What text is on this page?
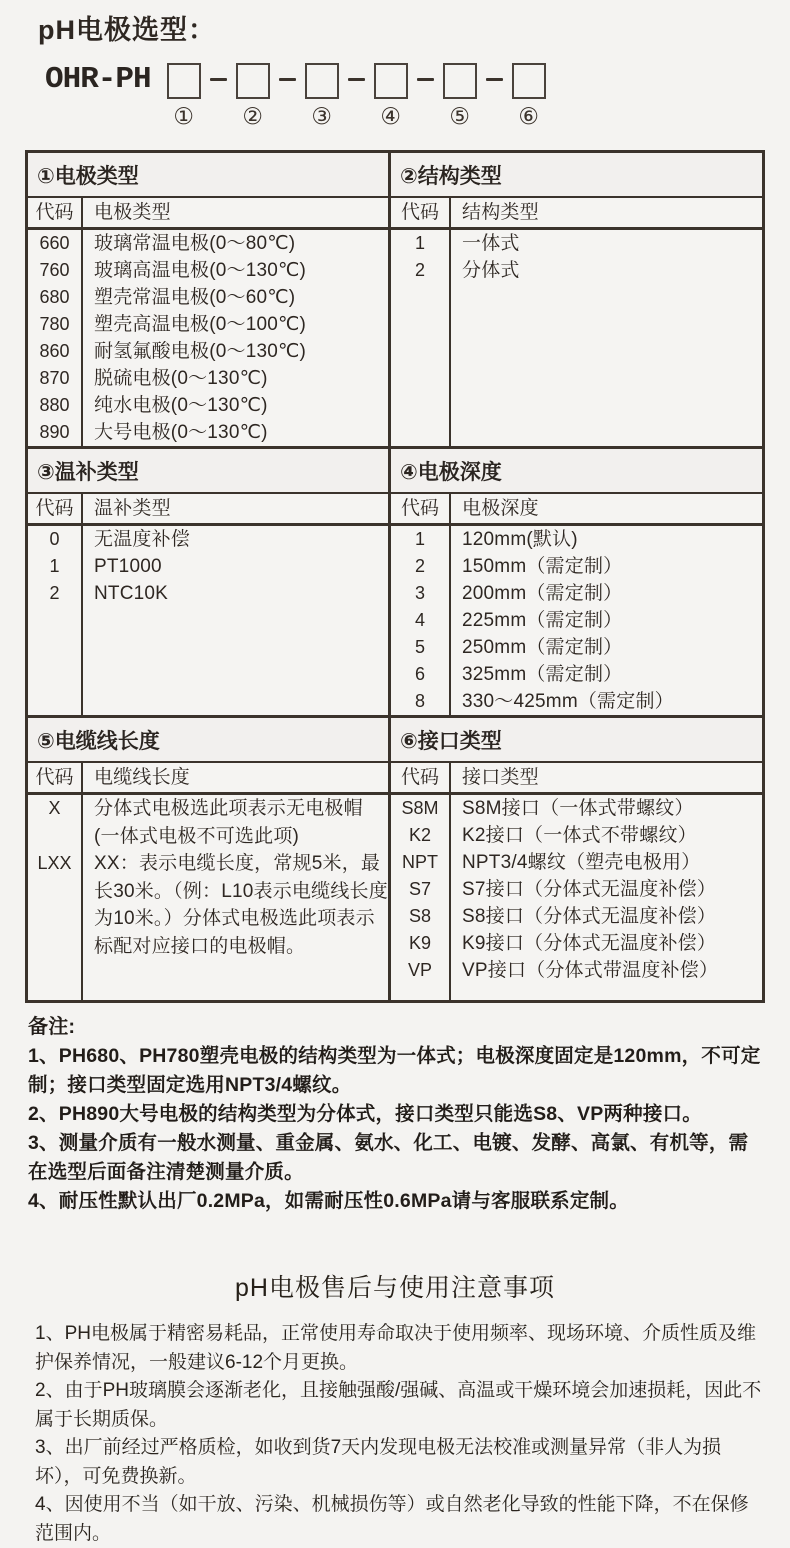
pH电极选型：
OHR-PH
① ② ③ ④ ⑤ ⑥
①电极类型
代码	电极类型
660	玻璃常温电极(0～80℃)
760	玻璃高温电极(0～130℃)
680	塑壳常温电极(0～60℃)
780	塑壳高温电极(0～100℃)
860	耐氢氟酸电极(0～130℃)
870	脱硫电极(0～130℃)
880	纯水电极(0～130℃)
890	大号电极(0～130℃)
②结构类型
代码	结构类型
1	一体式
2	分体式
③温补类型
代码	温补类型
0	无温度补偿
1	PT1000
2	NTC10K
④电极深度
代码	电极深度
1	120mm(默认)
2	150mm（需定制）
3	200mm（需定制）
4	225mm（需定制）
5	250mm（需定制）
6	325mm（需定制）
8	330～425mm（需定制）
⑤电缆线长度
代码	电缆线长度
X	分体式电极选此项表示无电极帽(一体式电极不可选此项)
LXX	XX：表示电缆长度，常规5米，最长30米。（例：L10表示电缆线长度为10米。）分体式电极选此项表示标配对应接口的电极帽。
⑥接口类型
代码	接口类型
S8M	S8M接口（一体式带螺纹）
K2	K2接口（一体式不带螺纹）
NPT	NPT3/4螺纹（塑壳电极用）
S7	S7接口（分体式无温度补偿）
S8	S8接口（分体式无温度补偿）
K9	K9接口（分体式无温度补偿）
VP	VP接口（分体式带温度补偿）
备注:

1、PH680、PH780塑壳电极的结构类型为一体式；电极深度固定是120mm，不可定制；接口类型固定选用NPT3/4螺纹。

2、PH890大号电极的结构类型为分体式，接口类型只能选S8、VP两种接口。

3、测量介质有一般水测量、重金属、氨水、化工、电镀、发酵、高氯、有机等，需在选型后面备注清楚测量介质。

4、耐压性默认出厂0.2MPa，如需耐压性0.6MPa请与客服联系定制。

pH电极售后与使用注意事项

1、PH电极属于精密易耗品，正常使用寿命取决于使用频率、现场环境、介质性质及维护保养情况，一般建议6-12个月更换。

2、由于PH玻璃膜会逐渐老化，且接触强酸/强碱、高温或干燥环境会加速损耗，因此不属于长期质保。

3、出厂前经过严格质检，如收到货7天内发现电极无法校准或测量异常（非人为损坏），可免费换新。

4、因使用不当（如干放、污染、机械损伤等）或自然老化导致的性能下降，不在保修范围内。
